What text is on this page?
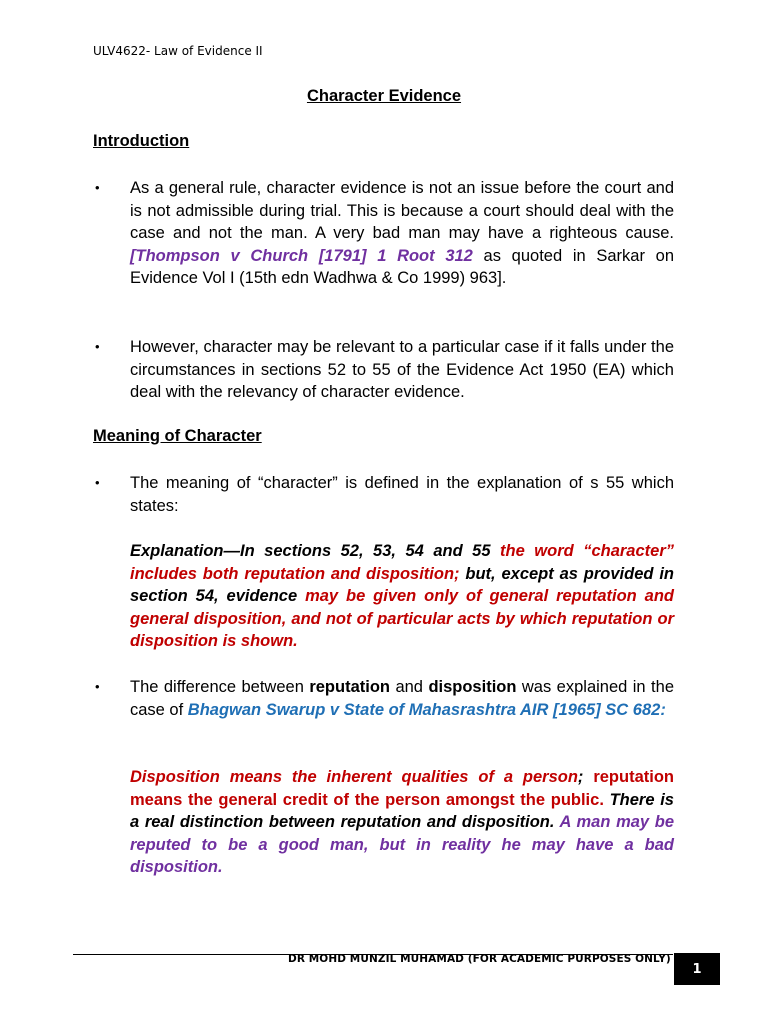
ULV4622- Law of Evidence II
Character Evidence
Introduction
• As a general rule, character evidence is not an issue before the court and is not admissible during trial. This is because a court should deal with the case and not the man. A very bad man may have a righteous cause. [Thompson v Church [1791] 1 Root 312 as quoted in Sarkar on Evidence Vol I (15th edn Wadhwa & Co 1999) 963].
• However, character may be relevant to a particular case if it falls under the circumstances in sections 52 to 55 of the Evidence Act 1950 (EA) which deal with the relevancy of character evidence.
Meaning of Character
• The meaning of “character” is defined in the explanation of s 55 which states:
Explanation—In sections 52, 53, 54 and 55 the word “character” includes both reputation and disposition; but, except as provided in section 54, evidence may be given only of general reputation and general disposition, and not of particular acts by which reputation or disposition is shown.
• The difference between reputation and disposition was explained in the case of Bhagwan Swarup v State of Mahasrashtra AIR [1965] SC 682:
Disposition means the inherent qualities of a person; reputation means the general credit of the person amongst the public. There is a real distinction between reputation and disposition. A man may be reputed to be a good man, but in reality he may have a bad disposition.
DR MOHD MUNZIL MUHAMAD (FOR ACADEMIC PURPOSES ONLY)
1
